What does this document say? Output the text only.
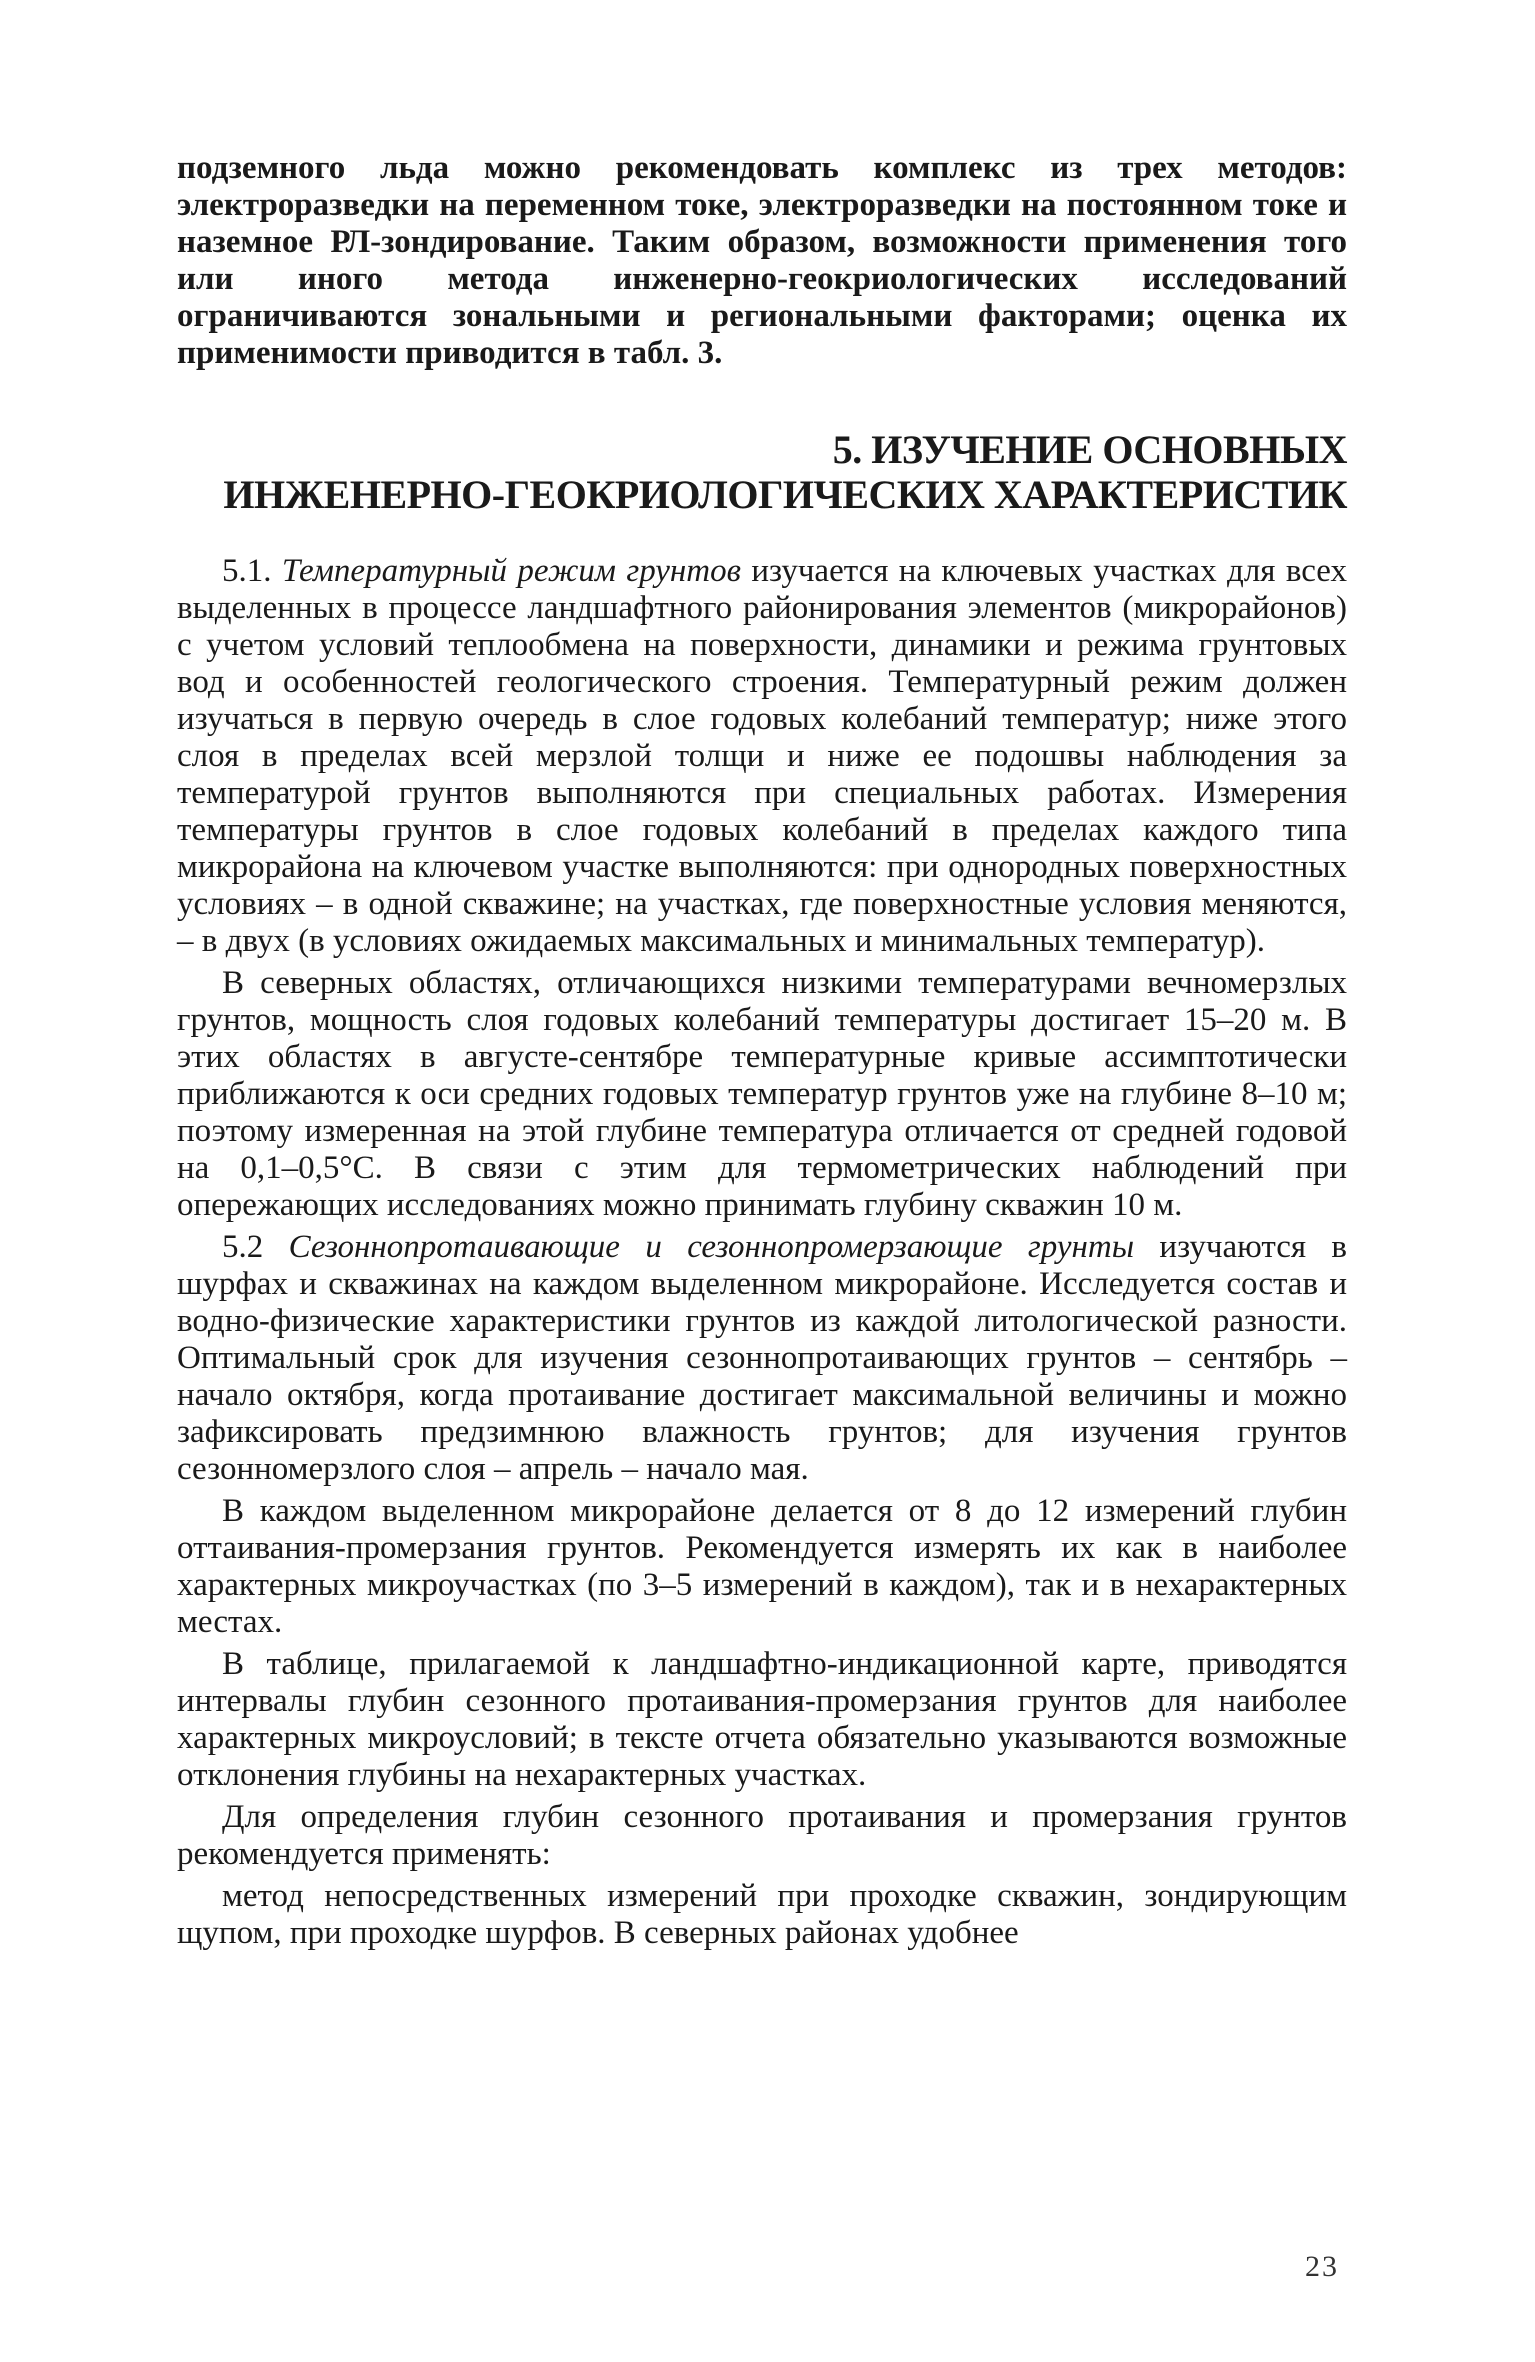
подземного льда можно рекомендовать комплекс из трех методов: электроразведки на переменном токе, электроразведки на постоянном токе и наземное РЛ-зондирование. Таким образом, возможности применения того или иного метода инженерно-геокриологических исследований ограничиваются зональными и региональными факторами; оценка их применимости приводится в табл. 3.
5. ИЗУЧЕНИЕ ОСНОВНЫХ
ИНЖЕНЕРНО-ГЕОКРИОЛОГИЧЕСКИХ ХАРАКТЕРИСТИК

5.1. Температурный режим грунтов изучается на ключевых участках для всех выделенных в процессе ландшафтного районирования элементов (микрорайонов) с учетом условий теплообмена на поверхности, динамики и режима грунтовых вод и особенностей геологического строения. Температурный режим должен изучаться в первую очередь в слое годовых колебаний температур; ниже этого слоя в пределах всей мерзлой толщи и ниже ее подошвы наблюдения за температурой грунтов выполняются при специальных работах. Измерения температуры грунтов в слое годовых колебаний в пределах каждого типа микрорайона на ключевом участке выполняются: при однородных поверхностных условиях – в одной скважине; на участках, где поверхностные условия меняются, – в двух (в условиях ожидаемых максимальных и минимальных температур).

В северных областях, отличающихся низкими температурами вечномерзлых грунтов, мощность слоя годовых колебаний температуры достигает 15–20 м. В этих областях в августе-сентябре температурные кривые ассимптотически приближаются к оси средних годовых температур грунтов уже на глубине 8–10 м; поэтому измеренная на этой глубине температура отличается от средней годовой на 0,1–0,5°С. В связи с этим для термометрических наблюдений при опережающих исследованиях можно принимать глубину скважин 10 м.

5.2 Сезоннопротаивающие и сезоннопромерзающие грунты изучаются в шурфах и скважинах на каждом выделенном микрорайоне. Исследуется состав и водно-физические характеристики грунтов из каждой литологической разности. Оптимальный срок для изучения сезоннопротаивающих грунтов – сентябрь – начало октября, когда протаивание достигает максимальной величины и можно зафиксировать предзимнюю влажность грунтов; для изучения грунтов сезонномерзлого слоя – апрель – начало мая.

В каждом выделенном микрорайоне делается от 8 до 12 измерений глубин оттаивания-промерзания грунтов. Рекомендуется измерять их как в наиболее характерных микроучастках (по 3–5 измерений в каждом), так и в нехарактерных местах.

В таблице, прилагаемой к ландшафтно-индикационной карте, приводятся интервалы глубин сезонного протаивания-промерзания грунтов для наиболее характерных микроусловий; в тексте отчета обязательно указываются возможные отклонения глубины на нехарактерных участках.

Для определения глубин сезонного протаивания и промерзания грунтов рекомендуется применять:

метод непосредственных измерений при проходке скважин, зондирующим щупом, при проходке шурфов. В северных районах удобнее

23
